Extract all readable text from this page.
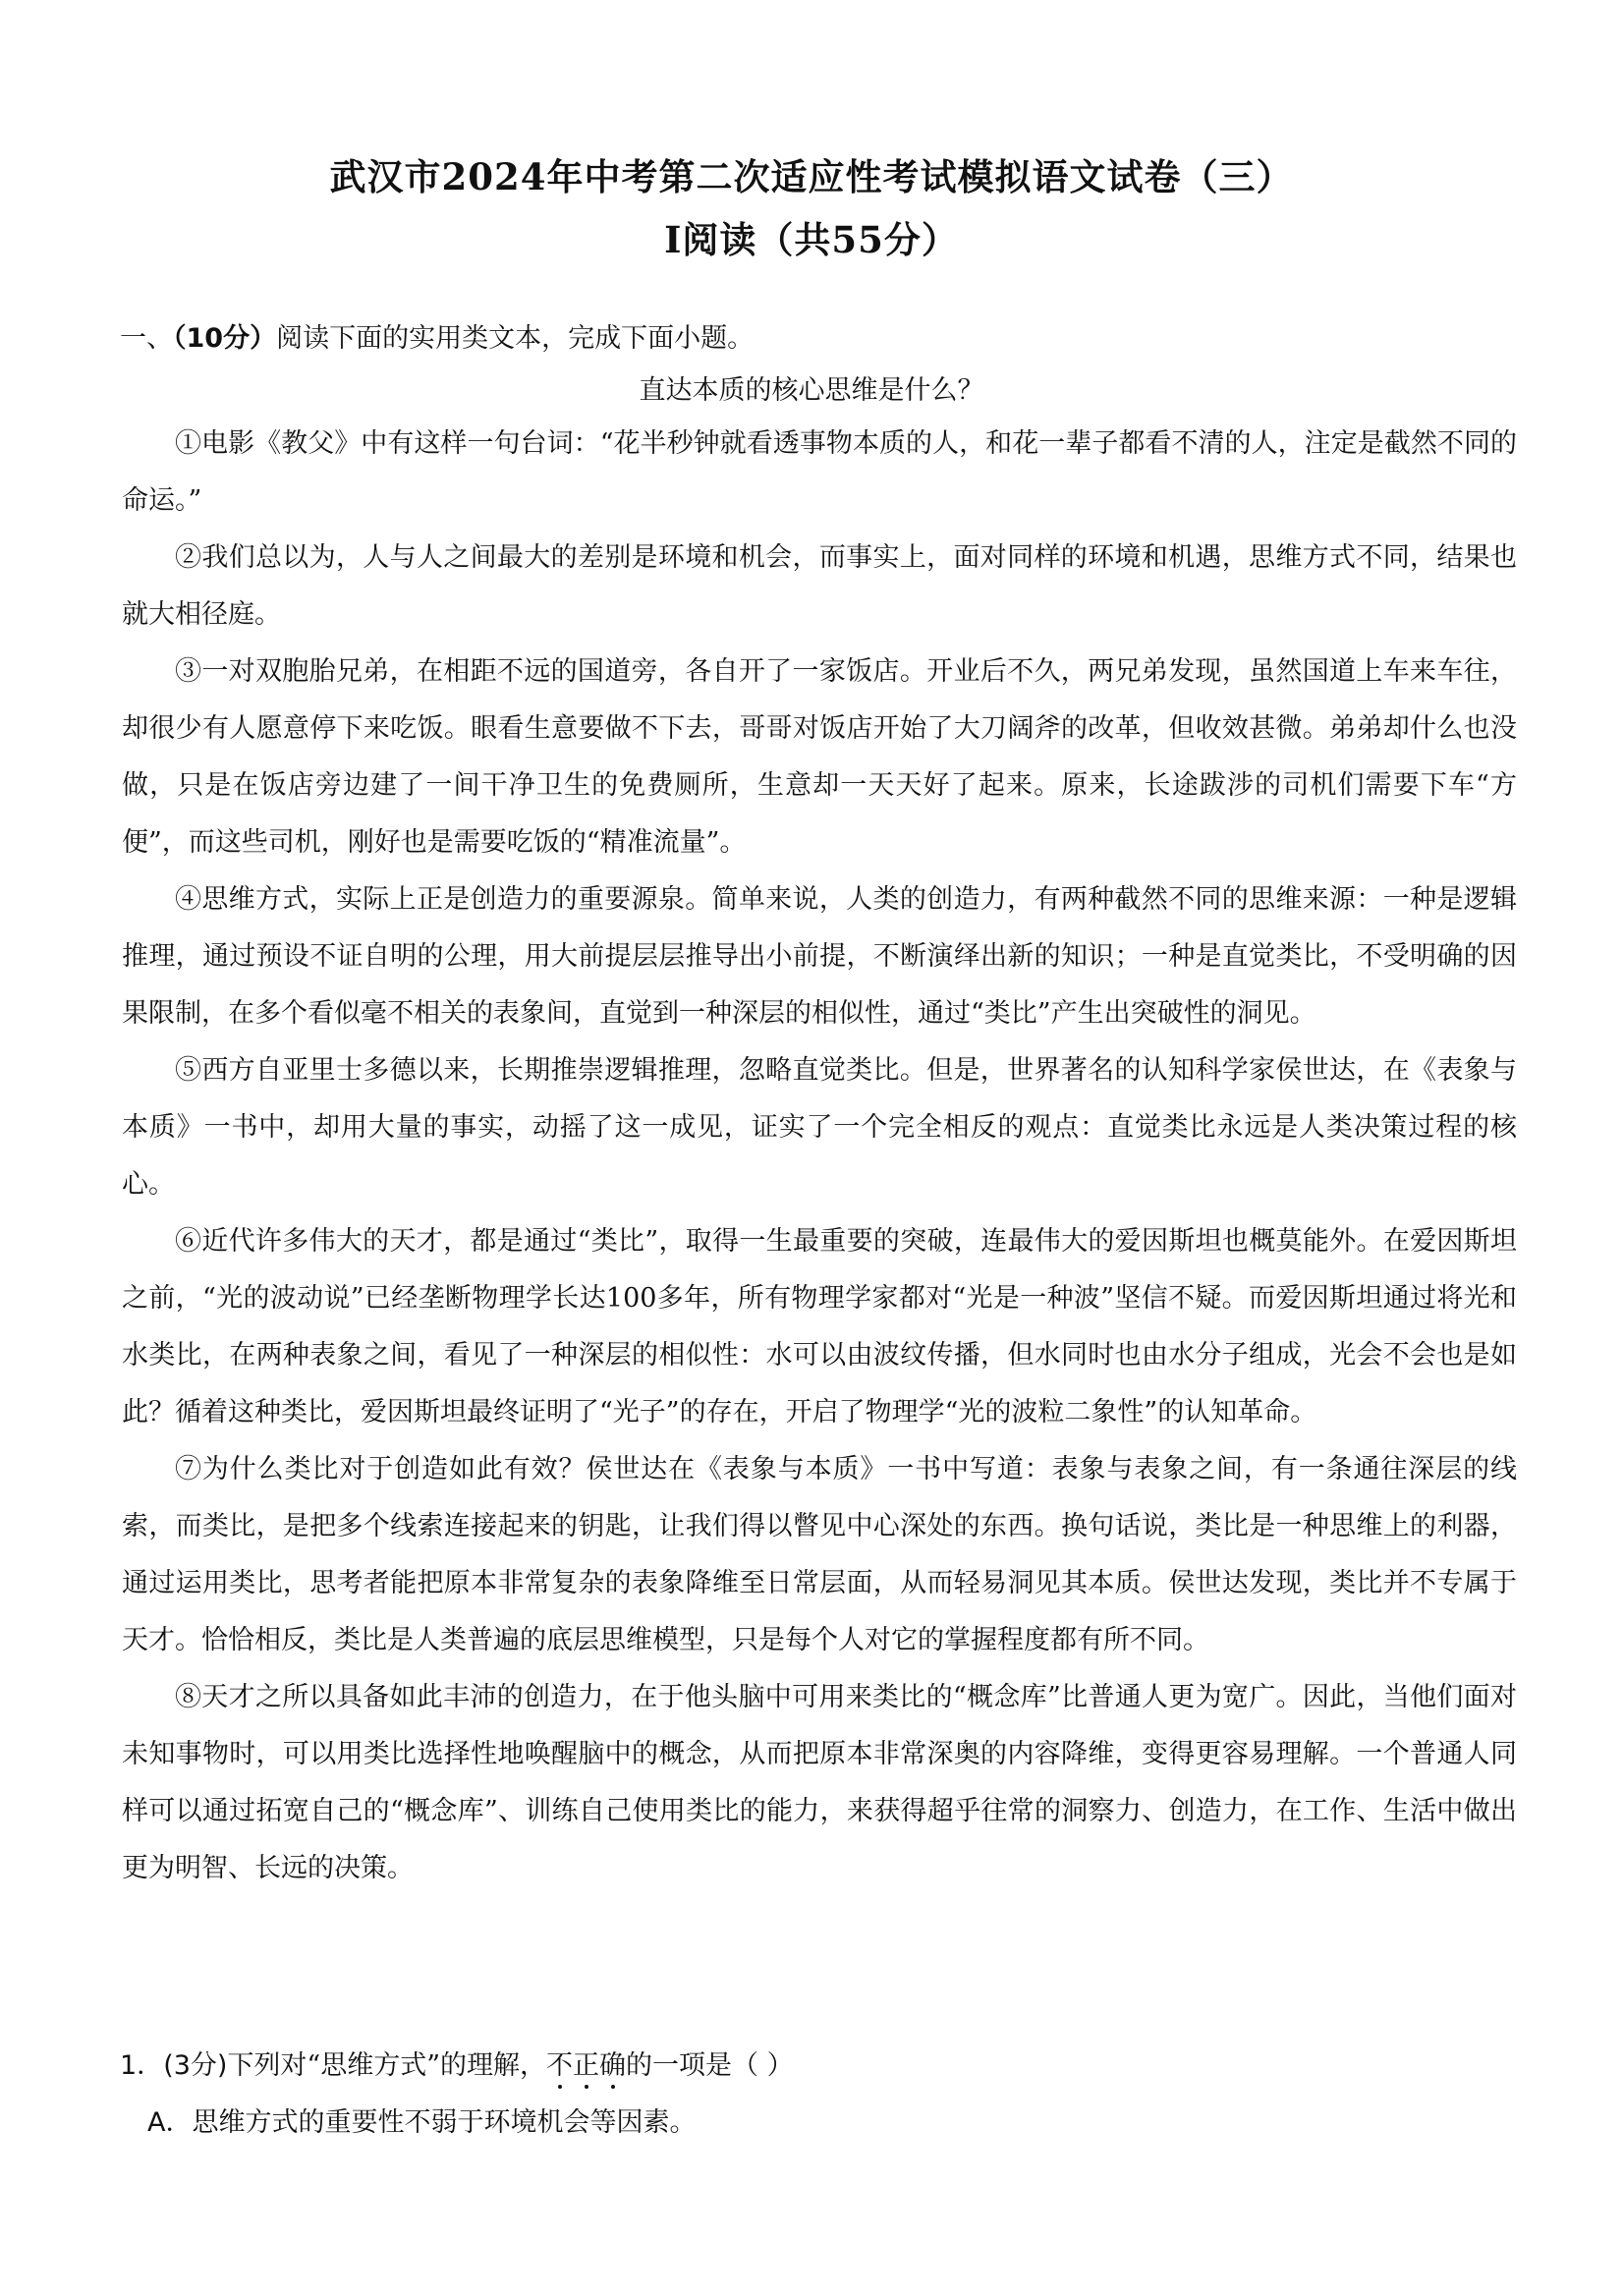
武汉市2024年中考第二次适应性考试模拟语文试卷（三）
Ⅰ阅读（共55分）
一、（10分）阅读下面的实用类文本，完成下面小题。
直达本质的核心思维是什么？

①电影《教父》中有这样一句台词：“花半秒钟就看透事物本质的人，和花一辈子都看不清的人，注定是截然不同的命运。”

②我们总以为，人与人之间最大的差别是环境和机会，而事实上，面对同样的环境和机遇，思维方式不同，结果也就大相径庭。

③一对双胞胎兄弟，在相距不远的国道旁，各自开了一家饭店。开业后不久，两兄弟发现，虽然国道上车来车往，却很少有人愿意停下来吃饭。眼看生意要做不下去，哥哥对饭店开始了大刀阔斧的改革，但收效甚微。弟弟却什么也没做，只是在饭店旁边建了一间干净卫生的免费厕所，生意却一天天好了起来。原来，长途跋涉的司机们需要下车“方便”，而这些司机，刚好也是需要吃饭的“精准流量”。

④思维方式，实际上正是创造力的重要源泉。简单来说，人类的创造力，有两种截然不同的思维来源：一种是逻辑推理，通过预设不证自明的公理，用大前提层层推导出小前提，不断演绎出新的知识；一种是直觉类比，不受明确的因果限制，在多个看似毫不相关的表象间，直觉到一种深层的相似性，通过“类比”产生出突破性的洞见。

⑤西方自亚里士多德以来，长期推崇逻辑推理，忽略直觉类比。但是，世界著名的认知科学家侯世达，在《表象与本质》一书中，却用大量的事实，动摇了这一成见，证实了一个完全相反的观点：直觉类比永远是人类决策过程的核心。

⑥近代许多伟大的天才，都是通过“类比”，取得一生最重要的突破，连最伟大的爱因斯坦也概莫能外。在爱因斯坦之前，“光的波动说”已经垄断物理学长达100多年，所有物理学家都对“光是一种波”坚信不疑。而爱因斯坦通过将光和水类比，在两种表象之间，看见了一种深层的相似性：水可以由波纹传播，但水同时也由水分子组成，光会不会也是如此？循着这种类比，爱因斯坦最终证明了“光子”的存在，开启了物理学“光的波粒二象性”的认知革命。

⑦为什么类比对于创造如此有效？侯世达在《表象与本质》一书中写道：表象与表象之间，有一条通往深层的线索，而类比，是把多个线索连接起来的钥匙，让我们得以瞥见中心深处的东西。换句话说，类比是一种思维上的利器，通过运用类比，思考者能把原本非常复杂的表象降维至日常层面，从而轻易洞见其本质。侯世达发现，类比并不专属于天才。恰恰相反，类比是人类普遍的底层思维模型，只是每个人对它的掌握程度都有所不同。

⑧天才之所以具备如此丰沛的创造力，在于他头脑中可用来类比的“概念库”比普通人更为宽广。因此，当他们面对未知事物时，可以用类比选择性地唤醒脑中的概念，从而把原本非常深奥的内容降维，变得更容易理解。一个普通人同样可以通过拓宽自己的“概念库”、训练自己使用类比的能力，来获得超乎往常的洞察力、创造力，在工作、生活中做出更为明智、长远的决策。

1．(3分)下列对“思维方式”的理解，不正确的一项是（ ）
A．思维方式的重要性不弱于环境机会等因素。
